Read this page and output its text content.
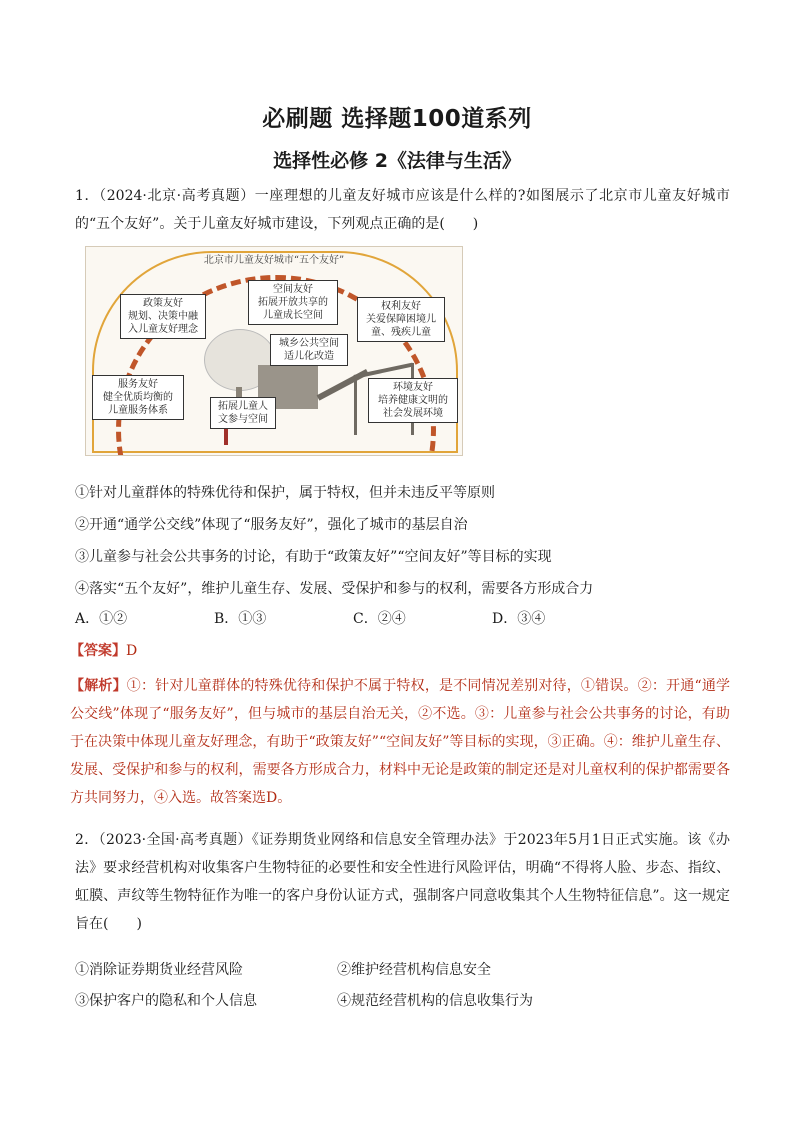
必刷题 选择题100道系列
选择性必修 2《法律与生活》
1．（2024·北京·高考真题）一座理想的儿童友好城市应该是什么样的?如图展示了北京市儿童友好城市的“五个友好”。关于儿童友好城市建设，下列观点正确的是(　　)
北京市儿童友好城市“五个友好”
政策友好
规划、决策中融
入儿童友好理念
空间友好
拓展开放共享的
儿童成长空间
权利友好
关爱保障困境儿
童、残疾儿童
城乡公共空间
适儿化改造
服务友好
健全优质均衡的
儿童服务体系	拓展儿童人
文参与空间
环境友好
培养健康文明的
社会发展环境
①针对儿童群体的特殊优待和保护，属于特权，但并未违反平等原则
②开通“通学公交线”体现了“服务友好”，强化了城市的基层自治
③儿童参与社会公共事务的讨论，有助于“政策友好”“空间友好”等目标的实现
④落实“五个友好”，维护儿童生存、发展、受保护和参与的权利，需要各方形成合力
A．①②	B．①③	C．②④	D．③④
【答案】D
【解析】①：针对儿童群体的特殊优待和保护不属于特权，是不同情况差别对待，①错误。②：开通“通学公交线”体现了“服务友好”，但与城市的基层自治无关，②不选。③：儿童参与社会公共事务的讨论，有助于在决策中体现儿童友好理念，有助于“政策友好”“空间友好”等目标的实现，③正确。④：维护儿童生存、发展、受保护和参与的权利，需要各方形成合力，材料中无论是政策的制定还是对儿童权利的保护都需要各方共同努力，④入选。故答案选D。
2．（2023·全国·高考真题）《证券期货业网络和信息安全管理办法》于2023年5月1日正式实施。该《办法》要求经营机构对收集客户生物特征的必要性和安全性进行风险评估，明确“不得将人脸、步态、指纹、虹膜、声纹等生物特征作为唯一的客户身份认证方式，强制客户同意收集其个人生物特征信息”。这一规定旨在(　　)
①消除证券期货业经营风险	②维护经营机构信息安全
③保护客户的隐私和个人信息	④规范经营机构的信息收集行为
